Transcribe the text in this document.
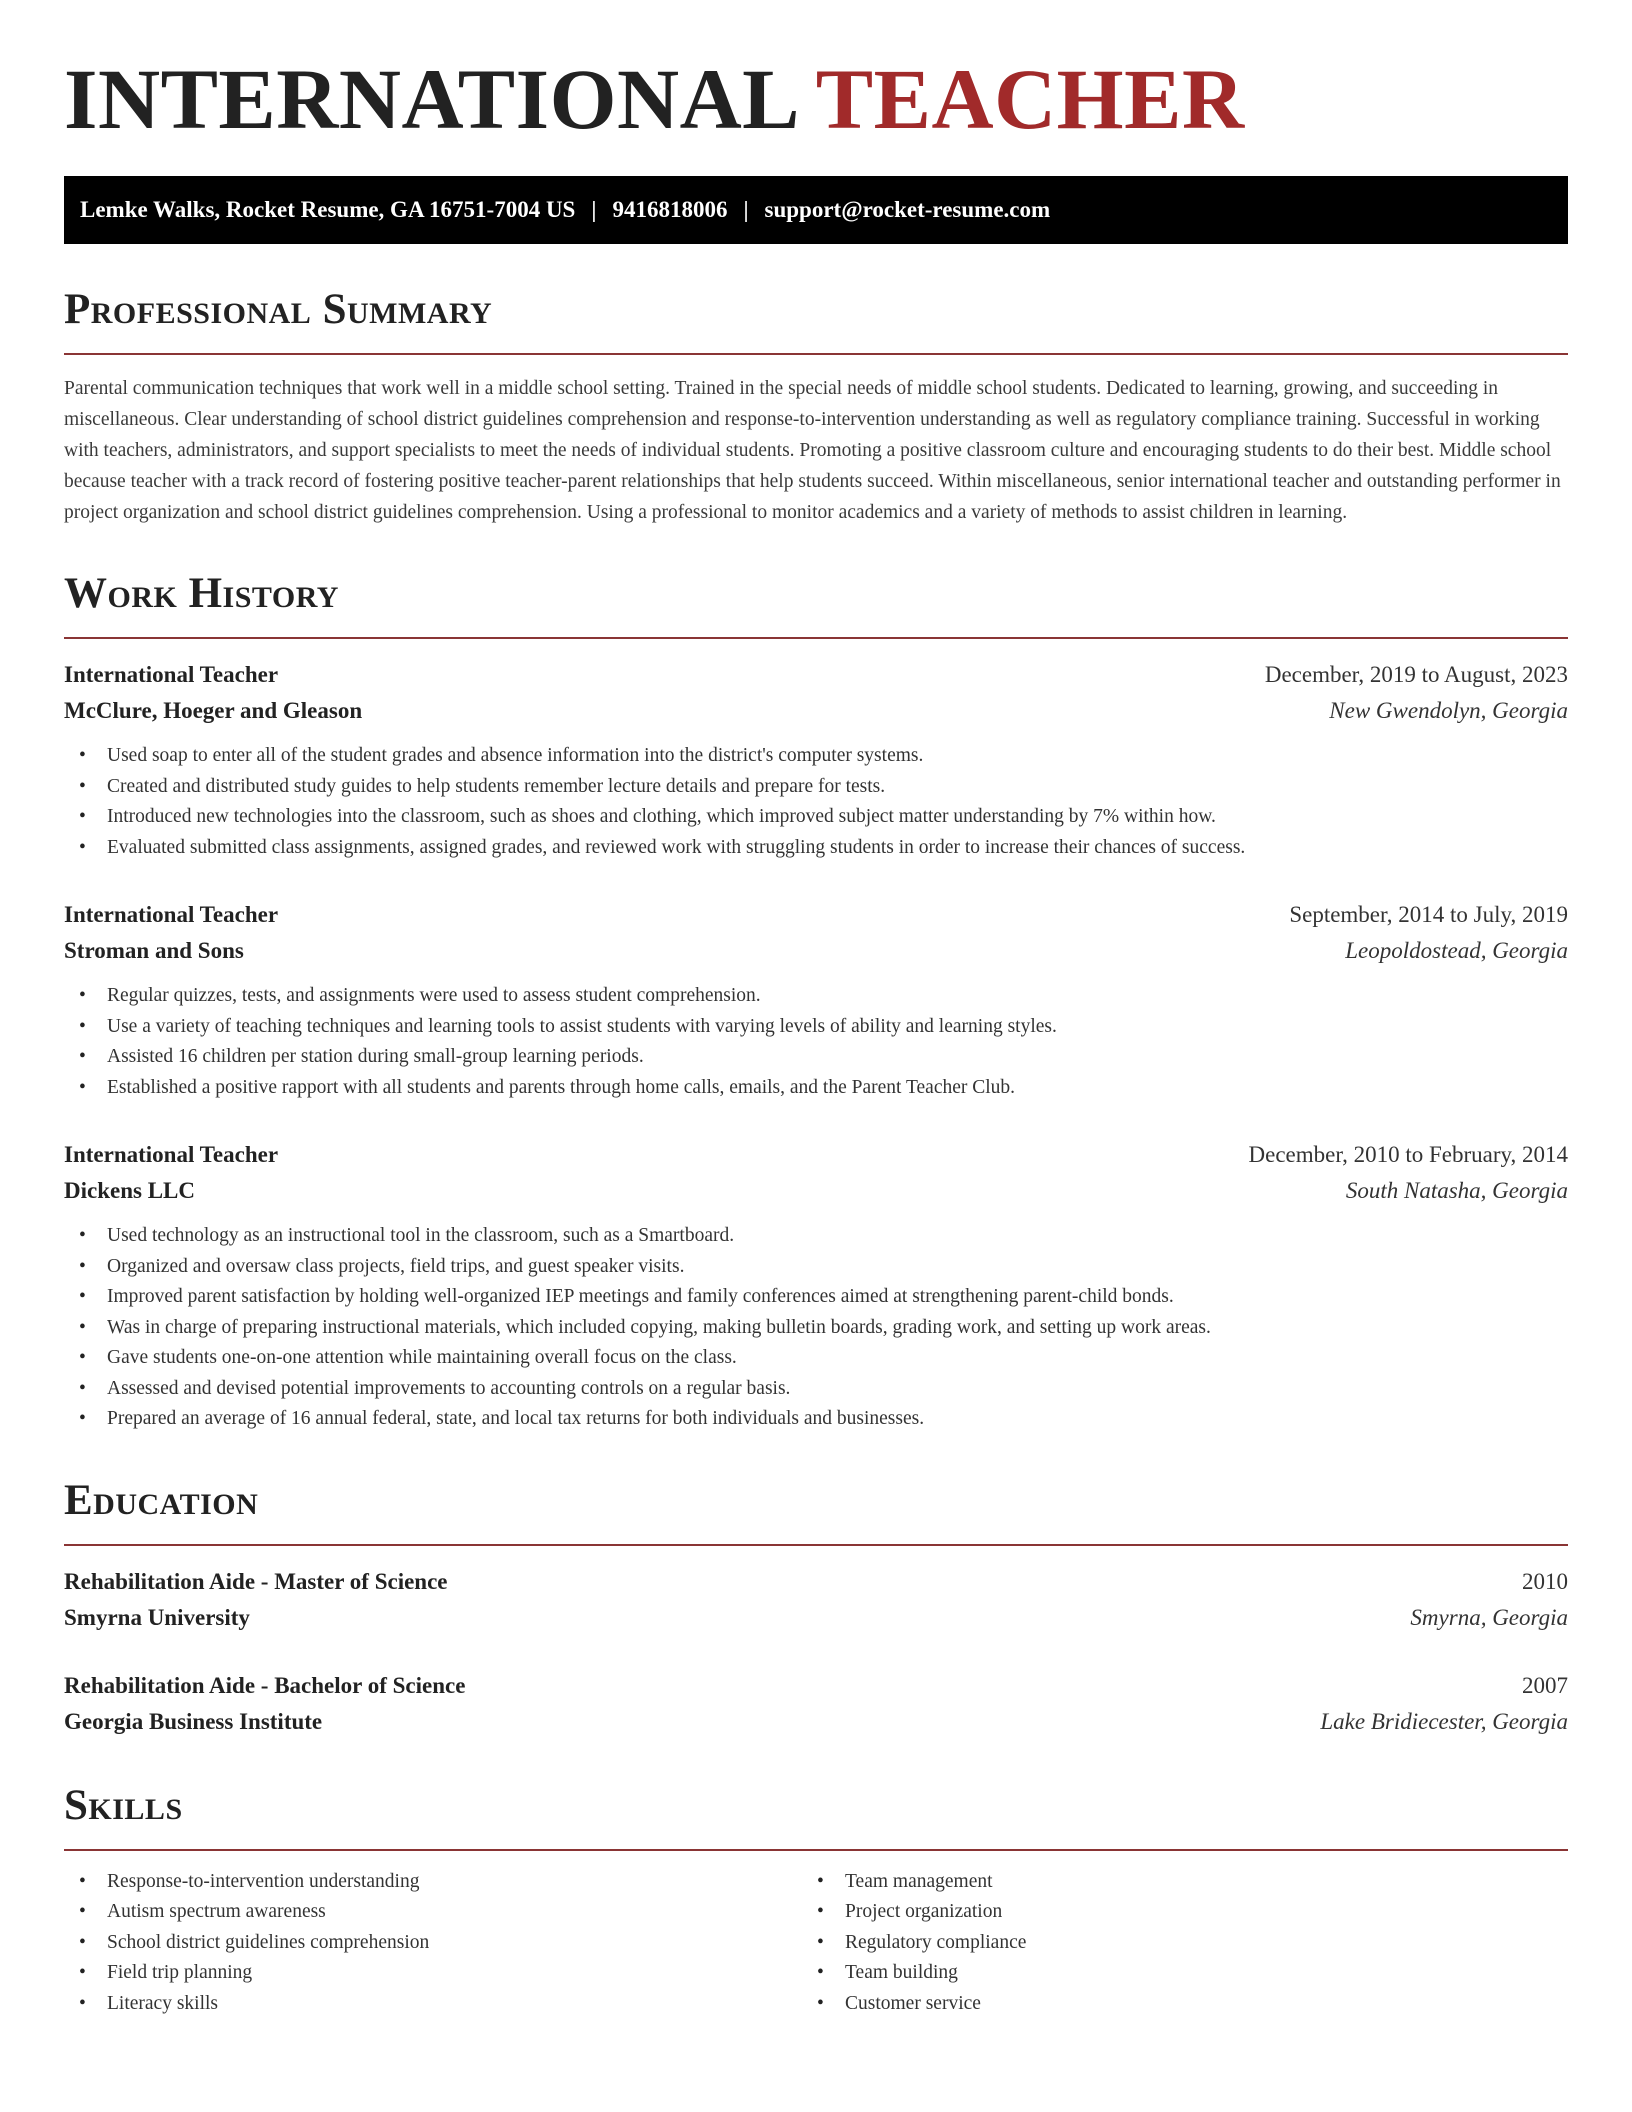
INTERNATIONAL TEACHER
Lemke Walks, Rocket Resume, GA 16751-7004 US | 9416818006 | support@rocket-resume.com
Professional Summary

Parental communication techniques that work well in a middle school setting. Trained in the special needs of middle school students. Dedicated to learning, growing, and succeeding in miscellaneous. Clear understanding of school district guidelines comprehension and response-to-intervention understanding as well as regulatory compliance training. Successful in working with teachers, administrators, and support specialists to meet the needs of individual students. Promoting a positive classroom culture and encouraging students to do their best. Middle school because teacher with a track record of fostering positive teacher-parent relationships that help students succeed. Within miscellaneous, senior international teacher and outstanding performer in project organization and school district guidelines comprehension. Using a professional to monitor academics and a variety of methods to assist children in learning.

Work History
International Teacher	December, 2019 to August, 2023
McClure, Hoeger and Gleason	New Gwendolyn, Georgia
• Used soap to enter all of the student grades and absence information into the district's computer systems.
• Created and distributed study guides to help students remember lecture details and prepare for tests.
• Introduced new technologies into the classroom, such as shoes and clothing, which improved subject matter understanding by 7% within how.
• Evaluated submitted class assignments, assigned grades, and reviewed work with struggling students in order to increase their chances of success.
International Teacher	September, 2014 to July, 2019
Stroman and Sons	Leopoldostead, Georgia
• Regular quizzes, tests, and assignments were used to assess student comprehension.
• Use a variety of teaching techniques and learning tools to assist students with varying levels of ability and learning styles.
• Assisted 16 children per station during small-group learning periods.
• Established a positive rapport with all students and parents through home calls, emails, and the Parent Teacher Club.
International Teacher	December, 2010 to February, 2014
Dickens LLC	South Natasha, Georgia
• Used technology as an instructional tool in the classroom, such as a Smartboard.
• Organized and oversaw class projects, field trips, and guest speaker visits.
• Improved parent satisfaction by holding well-organized IEP meetings and family conferences aimed at strengthening parent-child bonds.
• Was in charge of preparing instructional materials, which included copying, making bulletin boards, grading work, and setting up work areas.
• Gave students one-on-one attention while maintaining overall focus on the class.
• Assessed and devised potential improvements to accounting controls on a regular basis.
• Prepared an average of 16 annual federal, state, and local tax returns for both individuals and businesses.
Education
Rehabilitation Aide - Master of Science	2010
Smyrna University	Smyrna, Georgia
Rehabilitation Aide - Bachelor of Science	2007
Georgia Business Institute	Lake Bridiecester, Georgia
Skills
• Response-to-intervention understanding
• Autism spectrum awareness
• School district guidelines comprehension
• Field trip planning
• Literacy skills
• Team management
• Project organization
• Regulatory compliance
• Team building
• Customer service
